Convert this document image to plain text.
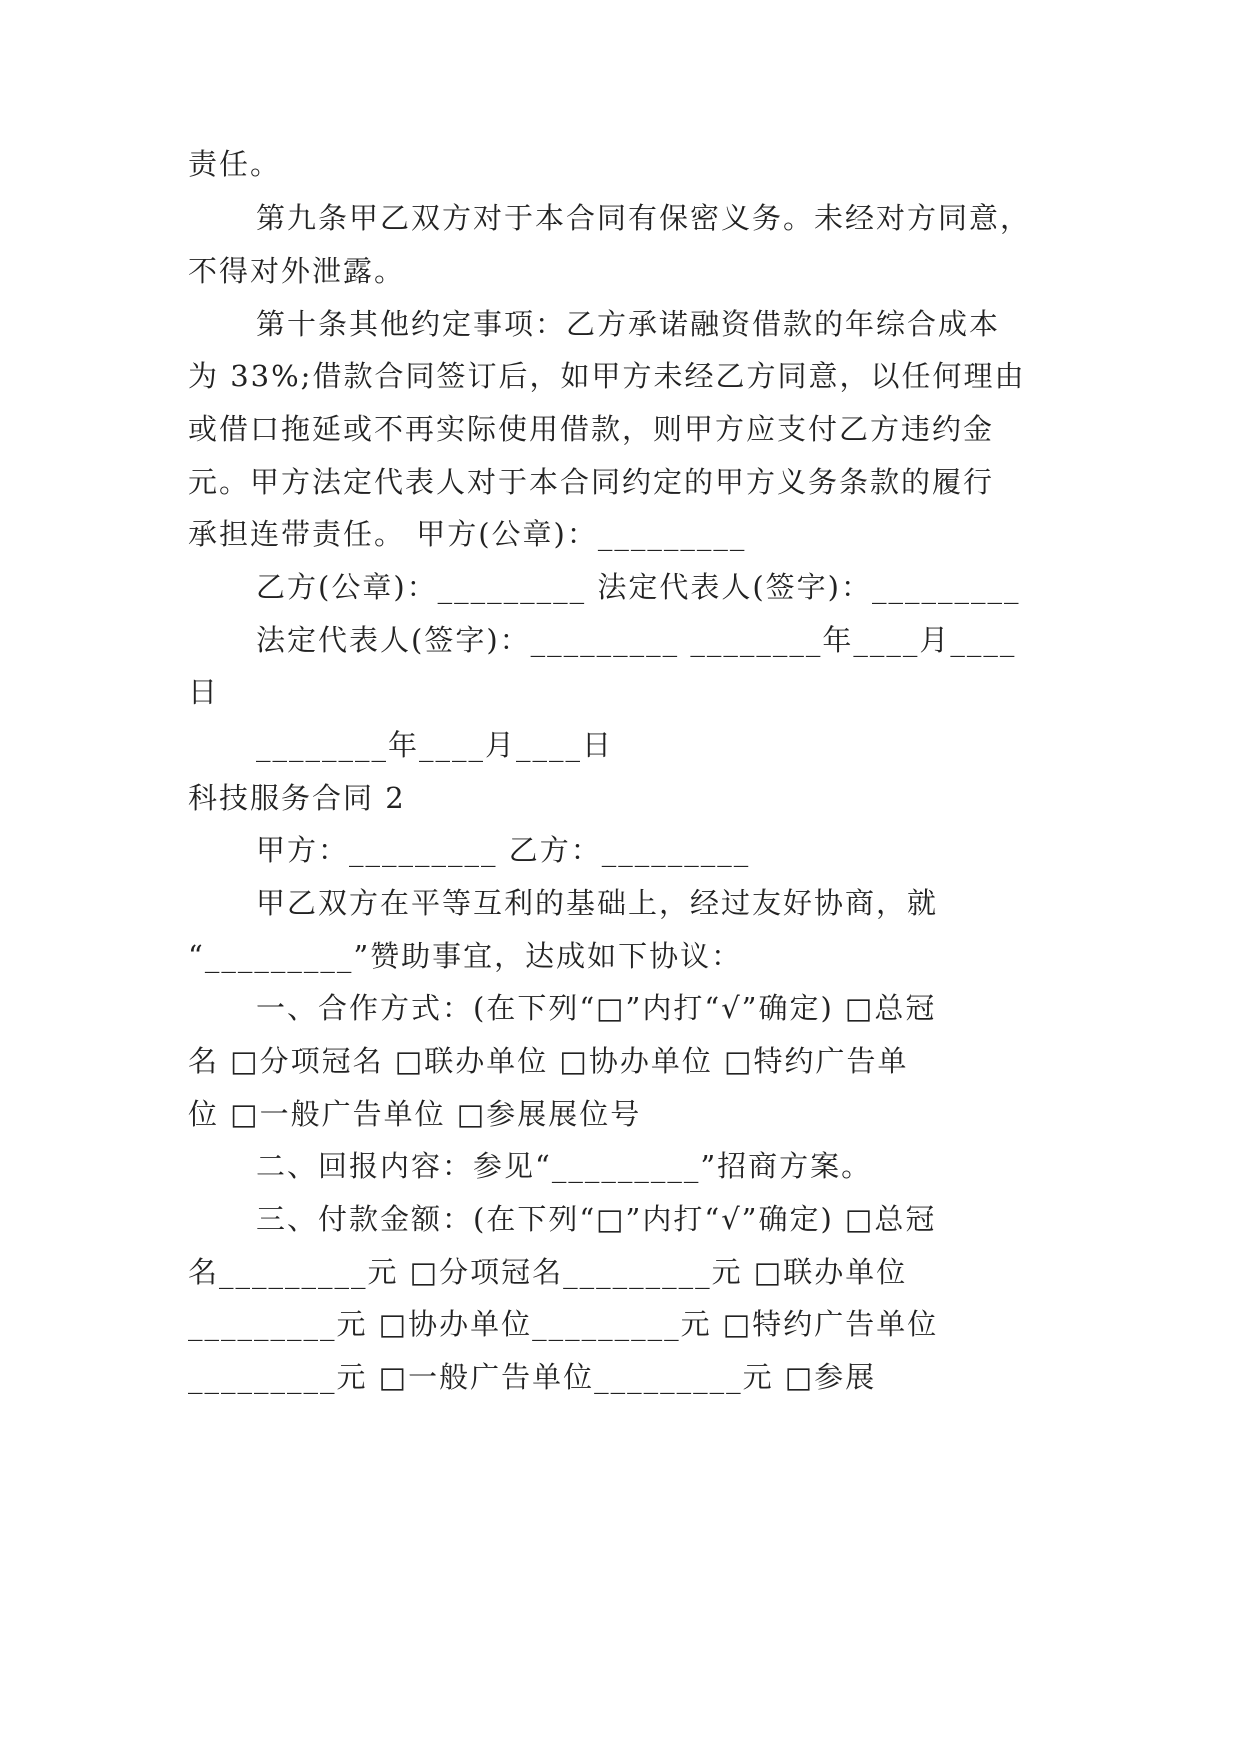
责任。
第九条甲乙双方对于本合同有保密义务。未经对方同意，
不得对外泄露。
第十条其他约定事项：乙方承诺融资借款的年综合成本
为 33%;借款合同签订后，如甲方未经乙方同意，以任何理由
或借口拖延或不再实际使用借款，则甲方应支付乙方违约金
元。甲方法定代表人对于本合同约定的甲方义务条款的履行
承担连带责任。 甲方(公章)：_________
乙方(公章)：_________ 法定代表人(签字)：_________
法定代表人(签字)：_________ ________年____月____
日
________年____月____日
科技服务合同 2
甲方：_________ 乙方：_________
甲乙双方在平等互利的基础上，经过友好协商，就
“_________”赞助事宜，达成如下协议：
一、合作方式：(在下列“□”内打“√”确定) □总冠
名 □分项冠名 □联办单位 □协办单位 □特约广告单
位 □一般广告单位 □参展展位号
二、回报内容：参见“_________”招商方案。
三、付款金额：(在下列“□”内打“√”确定) □总冠
名_________元 □分项冠名_________元 □联办单位
_________元 □协办单位_________元 □特约广告单位
_________元 □一般广告单位_________元 □参展
